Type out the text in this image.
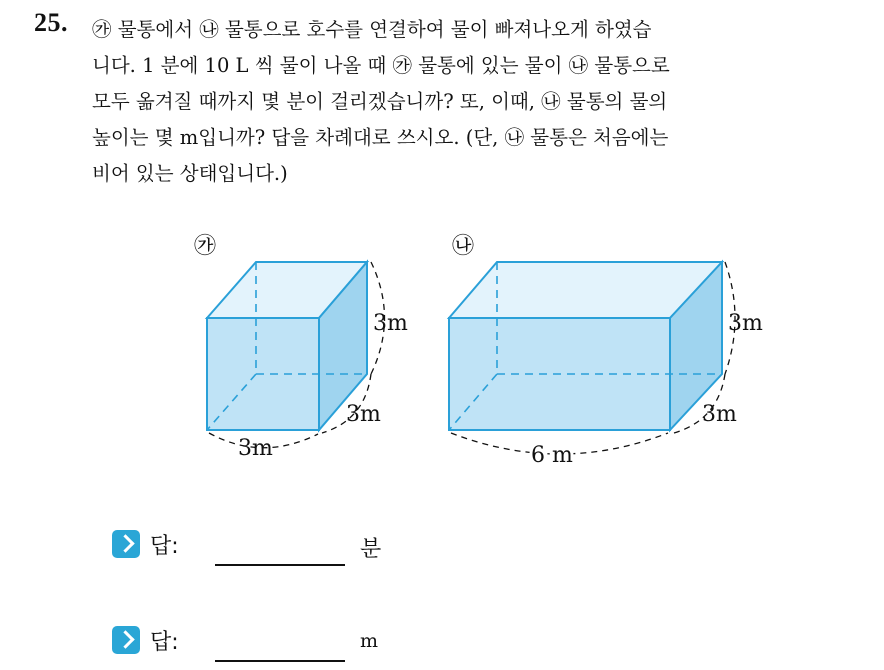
25. ㉮ 물통에서 ㉯ 물통으로 호수를 연결하여 물이 빠져나오게 하였습
니다. 1 분에 10 L 씩 물이 나올 때 ㉮ 물통에 있는 물이 ㉯ 물통으로
모두 옮겨질 때까지 몇 분이 걸리겠습니까? 또, 이때, ㉯ 물통의 물의
높이는 몇 m입니까? 답을 차례대로 쓰시오. (단, ㉯ 물통은 처음에는
비어 있는 상태입니다.)
㉮
3m
3m
3m
㉯
3m
3m
6 m
답:	분
답:	m
